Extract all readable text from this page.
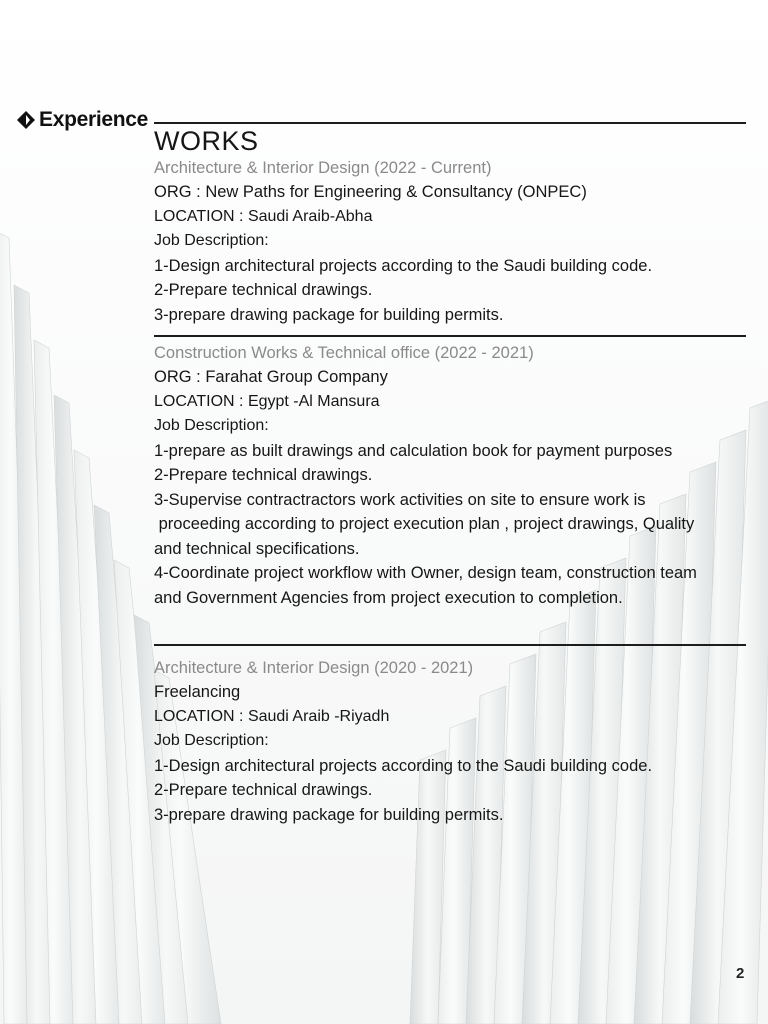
Experience
WORKS
Architecture & Interior Design (2022 - Current)
ORG : New Paths for Engineering & Consultancy (ONPEC)
LOCATION : Saudi Araib-Abha
Job Description:
1-Design architectural projects according to the Saudi building code.
2-Prepare technical drawings.
3-prepare drawing package for building permits.
Construction Works & Technical office (2022 - 2021)
ORG : Farahat Group Company
LOCATION : Egypt -Al Mansura
Job Description:
1-prepare as built drawings and calculation book for payment purposes
2-Prepare technical drawings.
3-Supervise contractractors work activities on site to ensure work is
proceeding according to project execution plan , project drawings, Quality
and technical specifications.
4-Coordinate project workflow with Owner, design team, construction team
and Government Agencies from project execution to completion.
Architecture & Interior Design (2020 - 2021)
Freelancing
LOCATION : Saudi Araib -Riyadh
Job Description:
1-Design architectural projects according to the Saudi building code.
2-Prepare technical drawings.
3-prepare drawing package for building permits.
2
